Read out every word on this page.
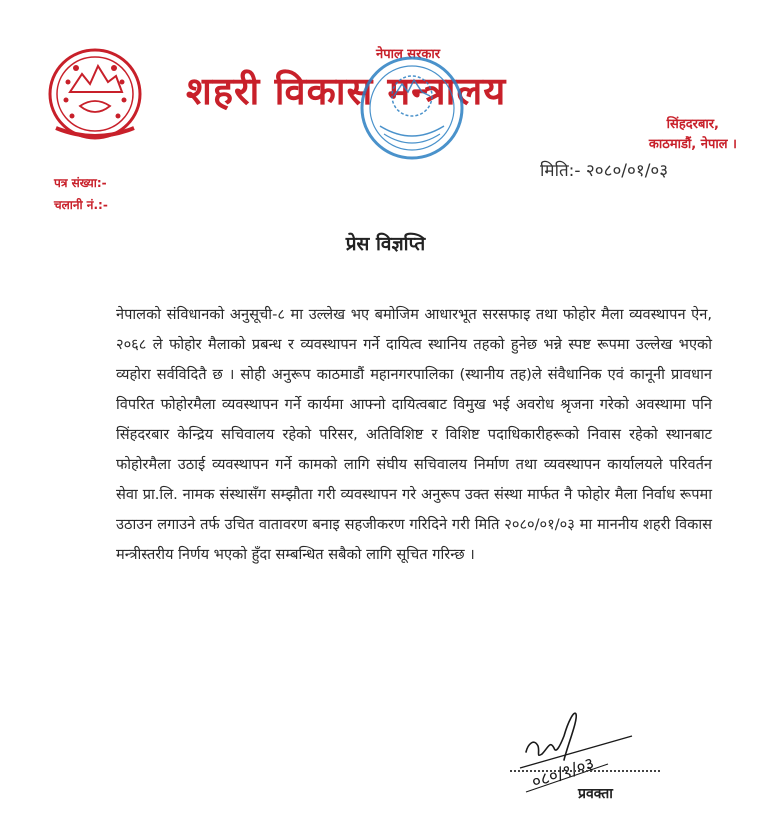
नेपाल सरकार
शहरी विकास मन्त्रालय
सिंहदरबार,
काठमाडौं, नेपाल ।
मिति:- २०८०/०१/०३
पत्र संख्या:-
चलानी नं.:-
प्रेस विज्ञप्ति
नेपालको संविधानको अनुसूची-८ मा उल्लेख भए बमोजिम आधारभूत सरसफाइ तथा फोहोर मैला व्यवस्थापन ऐन, २०६८ ले फोहोर मैलाको प्रबन्ध र व्यवस्थापन गर्ने दायित्व स्थानिय तहको हुनेछ भन्ने स्पष्ट रूपमा उल्लेख भएको व्यहोरा सर्वविदितै छ । सोही अनुरूप काठमाडौं महानगरपालिका (स्थानीय तह)ले संवैधानिक एवं कानूनी प्रावधान विपरित फोहोरमैला व्यवस्थापन गर्ने कार्यमा आफ्नो दायित्वबाट विमुख भई अवरोध श्रृजना गरेको अवस्थामा पनि सिंहदरबार केन्द्रिय सचिवालय रहेको परिसर, अतिविशिष्ट र विशिष्ट पदाधिकारीहरूको निवास रहेको स्थानबाट फोहोरमैला उठाई व्यवस्थापन गर्ने कामको लागि संघीय सचिवालय निर्माण तथा व्यवस्थापन कार्यालयले परिवर्तन सेवा प्रा.लि. नामक संस्थासँग सम्झौता गरी व्यवस्थापन गरे अनुरूप उक्त संस्था मार्फत नै फोहोर मैला निर्वाध रूपमा उठाउन लगाउने तर्फ उचित वातावरण बनाइ सहजीकरण गरिदिने गरी मिति २०८०/०१/०३ मा माननीय शहरी विकास मन्त्रीस्तरीय निर्णय भएको हुँदा सम्बन्धित सबैको लागि सूचित गरिन्छ ।
०८०/१/०३
प्रवक्ता
